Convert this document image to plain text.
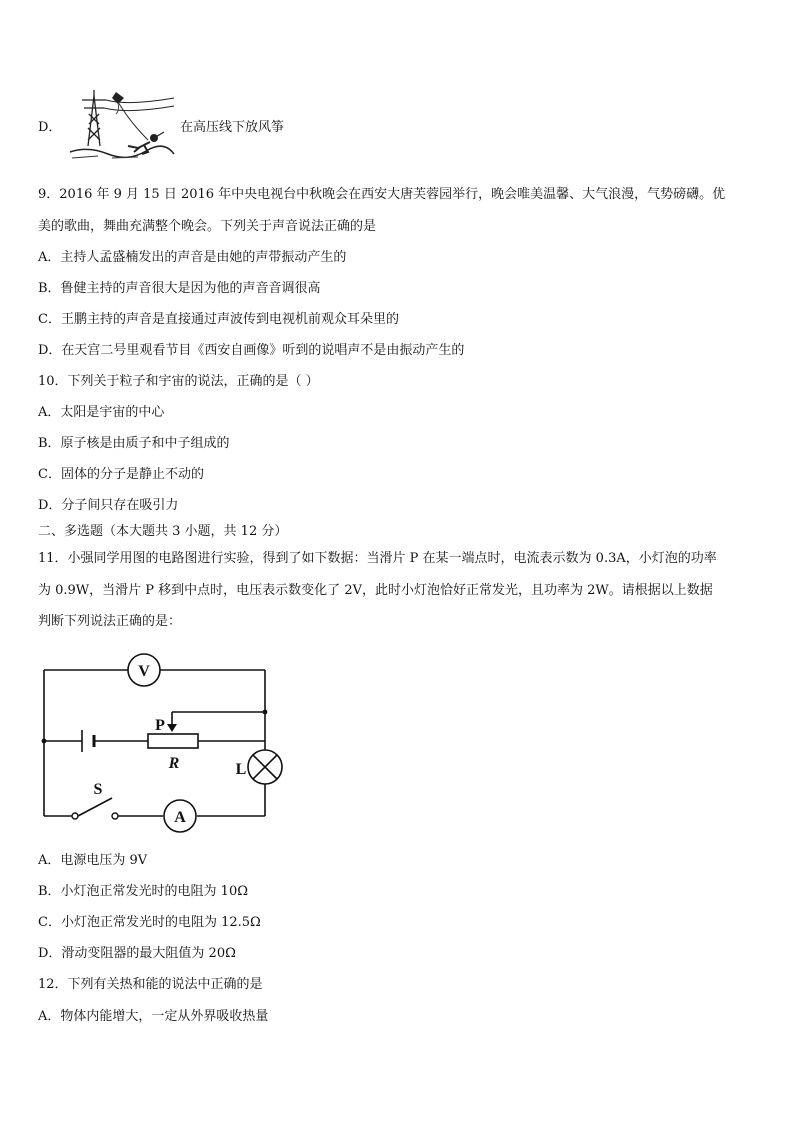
D．	在高压线下放风筝
9．2016 年 9 月 15 日 2016 年中央电视台中秋晚会在西安大唐芙蓉园举行，晚会唯美温馨、大气浪漫，气势磅礴。优
美的歌曲，舞曲充满整个晚会。下列关于声音说法正确的是
A．主持人孟盛楠发出的声音是由她的声带振动产生的
B．鲁健主持的声音很大是因为他的声音音调很高
C．王鹏主持的声音是直接通过声波传到电视机前观众耳朵里的
D．在天宫二号里观看节目《西安自画像》听到的说唱声不是由振动产生的
10．下列关于粒子和宇宙的说法，正确的是（ ）
A．太阳是宇宙的中心
B．原子核是由质子和中子组成的
C．固体的分子是静止不动的
D．分子间只存在吸引力
二、多选题（本大题共 3 小题，共 12 分）
11．小强同学用图的电路图进行实验，得到了如下数据：当滑片 P 在某一端点时，电流表示数为 0.3A，小灯泡的功率
为 0.9W，当滑片 P 移到中点时，电压表示数变化了 2V，此时小灯泡恰好正常发光，且功率为 2W。请根据以上数据
判断下列说法正确的是：
V
P
R	L
S
A
A．电源电压为 9V
B．小灯泡正常发光时的电阻为 10Ω
C．小灯泡正常发光时的电阻为 12.5Ω
D．滑动变阻器的最大阻值为 20Ω
12．下列有关热和能的说法中正确的是
A．物体内能增大，一定从外界吸收热量
